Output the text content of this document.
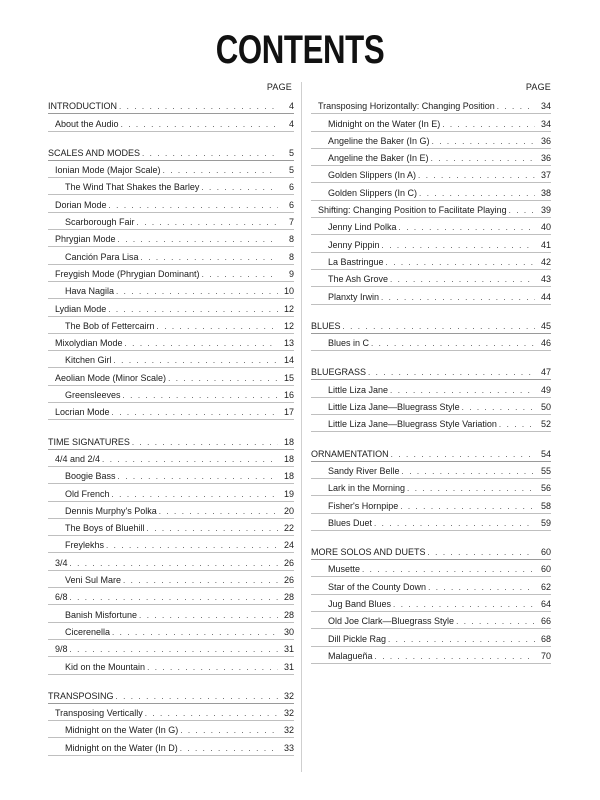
CONTENTS
PAGE
INTRODUCTION . . .	4
About the Audio . . .	4
SCALES AND MODES . . .	5
Ionian Mode (Major Scale) . . .	5
The Wind That Shakes the Barley . . .	6
Dorian Mode . . .	6
Scarborough Fair . . .	7
Phrygian Mode . . .	8
Canción Para Lisa . . .	8
Freygish Mode (Phrygian Dominant) . . .	9
Hava Nagila . . .	10
Lydian Mode . . .	12
The Bob of Fettercairn . . .	12
Mixolydian Mode . . .	13
Kitchen Girl . . .	14
Aeolian Mode (Minor Scale) . . .	15
Greensleeves . . .	16
Locrian Mode . . .	17
TIME SIGNATURES . . .	18
4/4 and 2/4 . . .	18
Boogie Bass . . .	18
Old French . . .	19
Dennis Murphy's Polka . . .	20
The Boys of Bluehill . . .	22
Freylekhs . . .	24
3/4 . . .	26
Veni Sul Mare . . .	26
6/8 . . .	28
Banish Misfortune . . .	28
Cicerenella . . .	30
9/8 . . .	31
Kid on the Mountain . . .	31
TRANSPOSING . . .	32
Transposing Vertically . . .	32
Midnight on the Water (In G) . . .	32
Midnight on the Water (In D) . . .	33
PAGE
Transposing Horizontally: Changing Position . . .	34
Midnight on the Water (In E) . . .	34
Angeline the Baker (In G) . . .	36
Angeline the Baker (In E) . . .	36
Golden Slippers (In A) . . .	37
Golden Slippers (In C) . . .	38
Shifting: Changing Position to Facilitate Playing . . .	39
Jenny Lind Polka . . .	40
Jenny Pippin . . .	41
La Bastringue . . .	42
The Ash Grove . . .	43
Planxty Irwin . . .	44
BLUES . . .	45
Blues in C . . .	46
BLUEGRASS . . .	47
Little Liza Jane . . .	49
Little Liza Jane—Bluegrass Style . . .	50
Little Liza Jane—Bluegrass Style Variation . . .	52
ORNAMENTATION . . .	54
Sandy River Belle . . .	55
Lark in the Morning . . .	56
Fisher's Hornpipe . . .	58
Blues Duet . . .	59
MORE SOLOS AND DUETS . . .	60
Musette . . .	60
Star of the County Down . . .	62
Jug Band Blues . . .	64
Old Joe Clark—Bluegrass Style . . .	66
Dill Pickle Rag . . .	68
Malagueña . . .	70
